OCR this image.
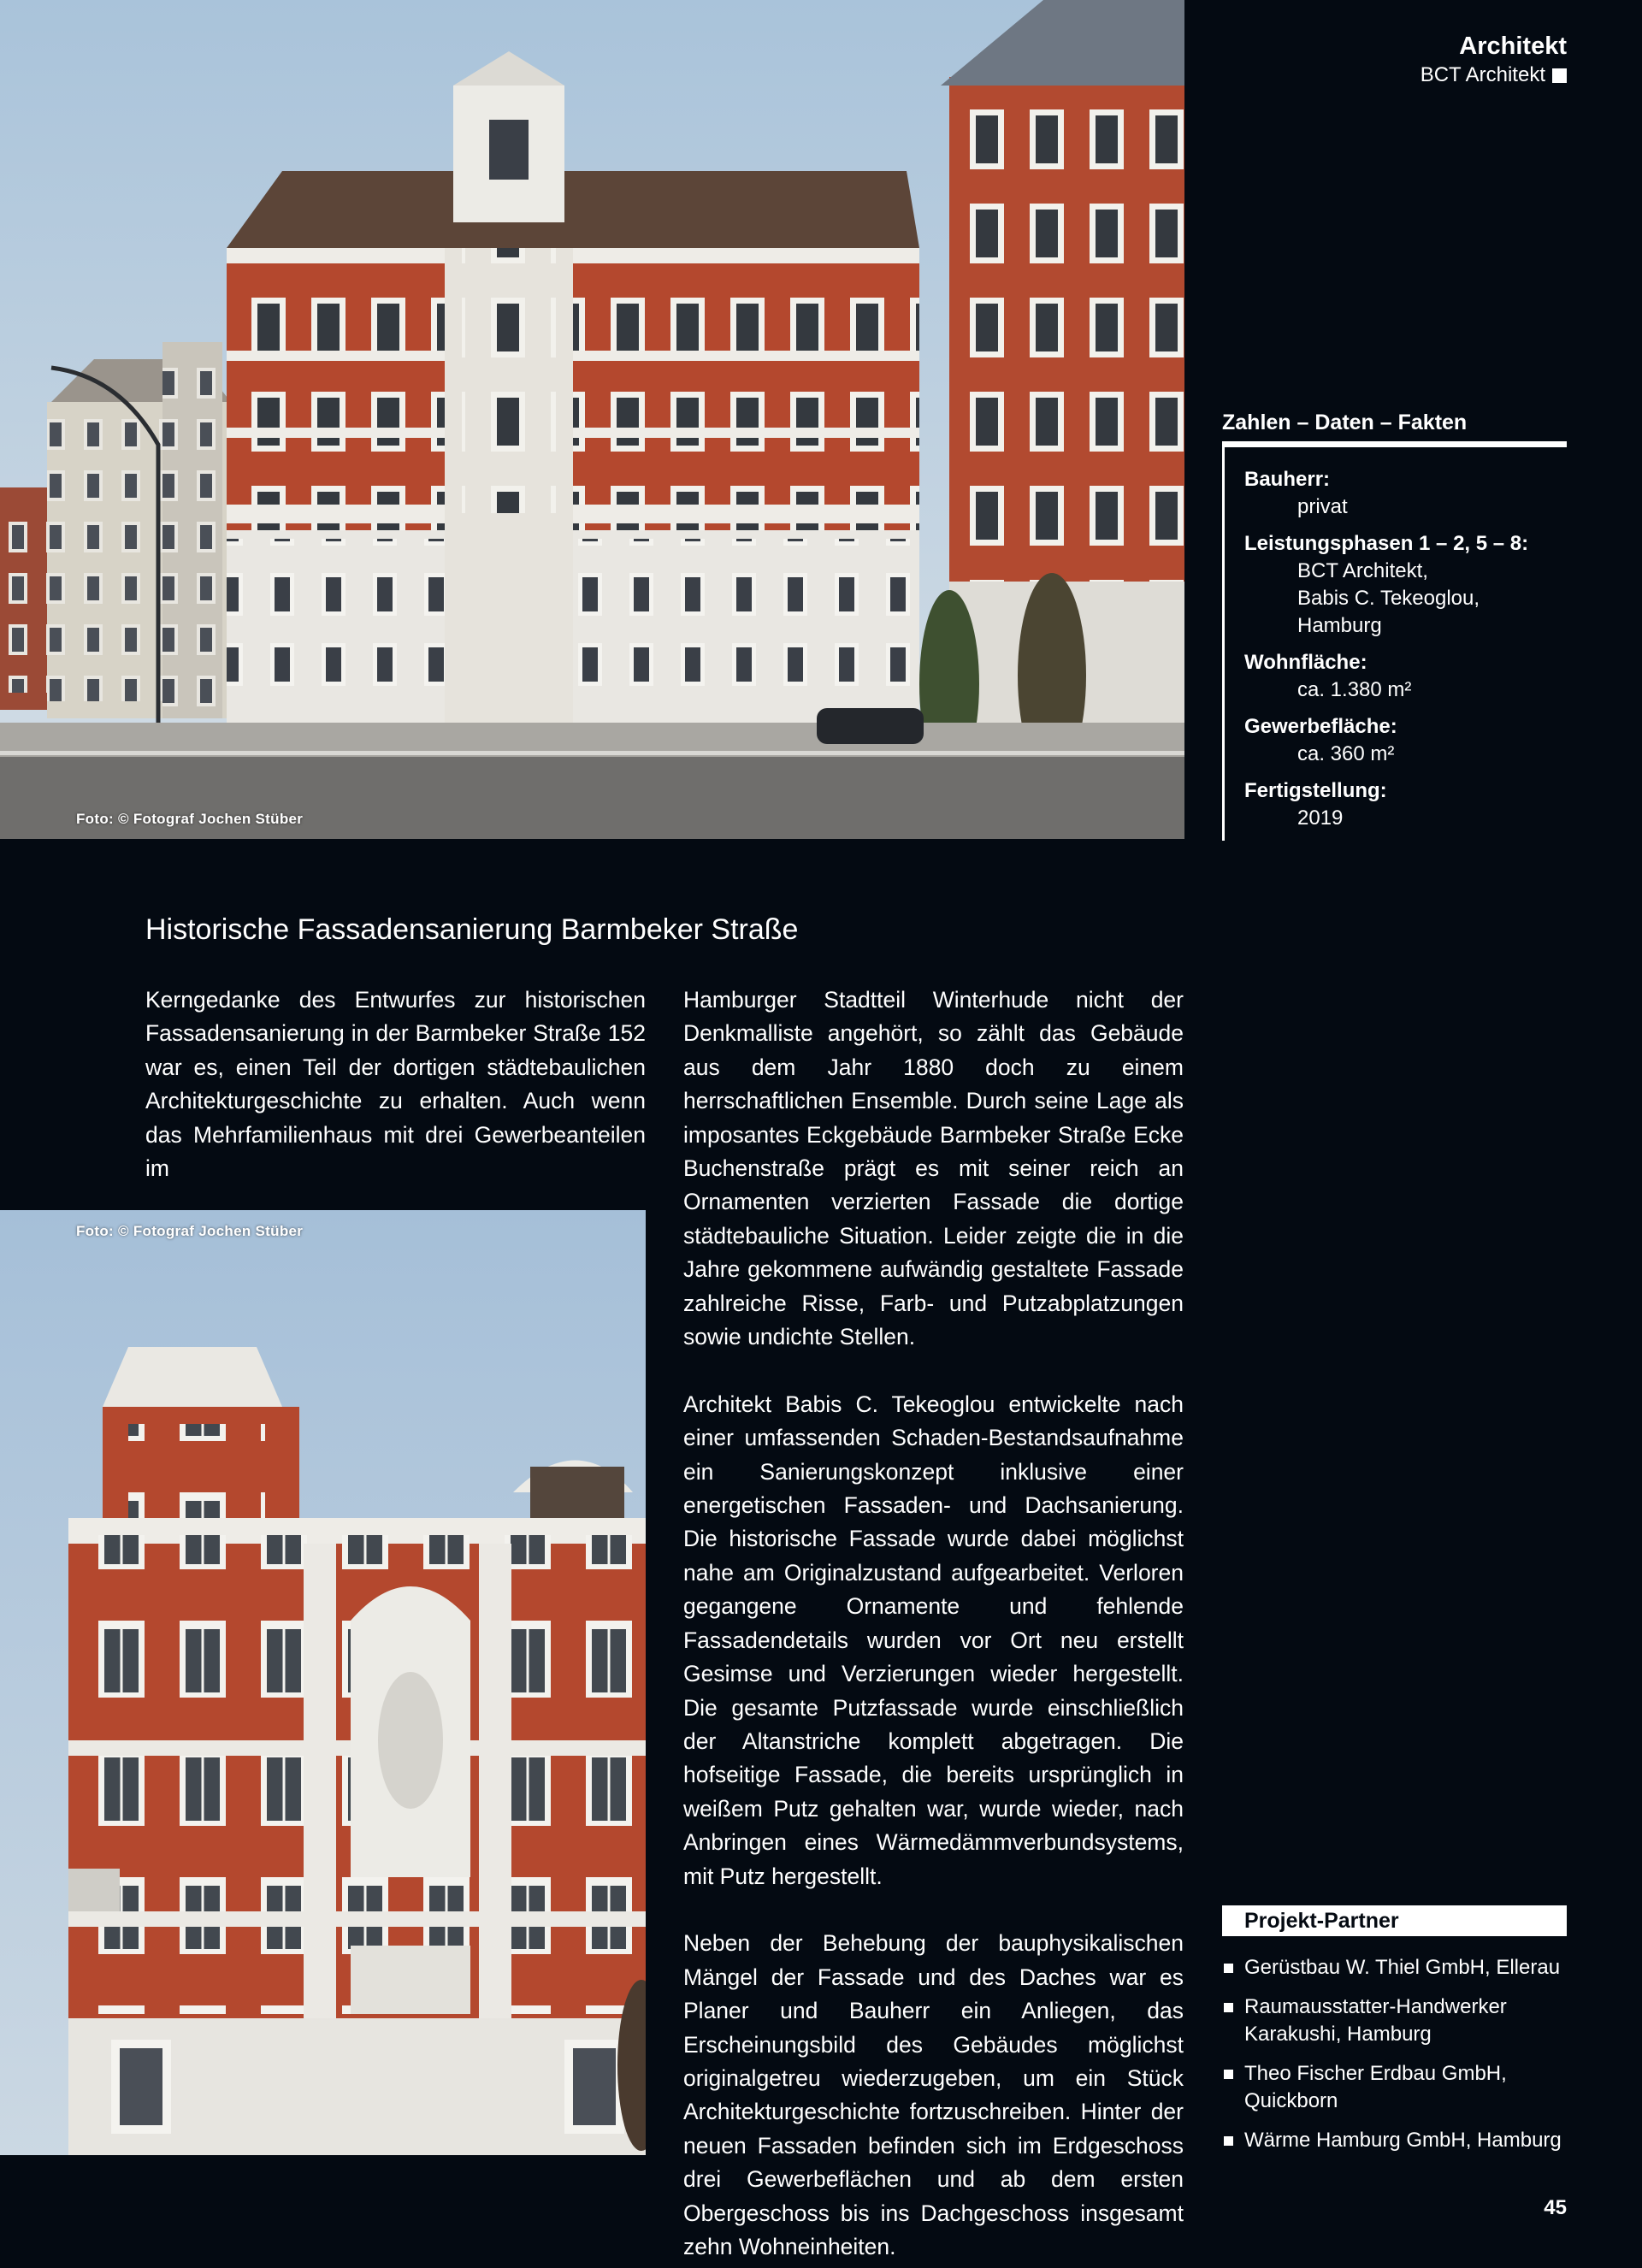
Foto: © Fotograf Jochen Stüber
Architekt
BCT Architekt
Zahlen – Daten – Fakten
Bauherr:
privat
Leistungsphasen 1 – 2, 5 – 8:
BCT Architekt,
Babis C. Tekeoglou,
Hamburg
Wohnfläche:
ca. 1.380 m²
Gewerbefläche:
ca. 360 m²
Fertigstellung:
2019
Historische Fassadensanierung Barmbeker Straße

Kerngedanke des Entwurfes zur historischen Fassadensanierung in der Barmbeker Straße 152 war es, einen Teil der dortigen städtebaulichen Architekturgeschichte zu erhalten. Auch wenn das Mehrfamilienhaus mit drei Gewerbeanteilen im

Hamburger Stadtteil Winterhude nicht der Denkmalliste angehört, so zählt das Gebäude aus dem Jahr 1880 doch zu einem herrschaftlichen Ensemble. Durch seine Lage als imposantes Eckgebäude Barmbeker Straße Ecke Buchenstraße prägt es mit seiner reich an Ornamenten verzierten Fassade die dortige städtebauliche Situation. Leider zeigte die in die Jahre gekommene aufwändig gestaltete Fassade zahlreiche Risse, Farb- und Putzabplatzungen sowie undichte Stellen.

Architekt Babis C. Tekeoglou entwickelte nach einer umfassenden Schaden-Bestandsaufnahme ein Sanierungskonzept inklusive einer energetischen Fassaden- und Dachsanierung. Die historische Fassade wurde dabei möglichst nahe am Originalzustand aufgearbeitet. Verloren gegangene Ornamente und fehlende Fassadendetails wurden vor Ort neu erstellt Gesimse und Verzierungen wieder hergestellt. Die gesamte Putzfassade wurde einschließlich der Altanstriche komplett abgetragen. Die hofseitige Fassade, die bereits ursprünglich in weißem Putz gehalten war, wurde wieder, nach Anbringen eines Wärmedämmverbundsystems, mit Putz hergestellt.

Neben der Behebung der bauphysikalischen Mängel der Fassade und des Daches war es Planer und Bauherr ein Anliegen, das Erscheinungsbild des Gebäudes möglichst originalgetreu wiederzugeben, um ein Stück Architekturgeschichte fortzuschreiben. Hinter der neuen Fassaden befinden sich im Erdgeschoss drei Gewerbeflächen und ab dem ersten Obergeschoss bis ins Dachgeschoss insgesamt zehn Wohneinheiten.

Foto: © Fotograf Jochen Stüber
Projekt-Partner
Gerüstbau W. Thiel GmbH, Ellerau
Raumausstatter-Handwerker Karakushi, Hamburg
Theo Fischer Erdbau GmbH, Quickborn
Wärme Hamburg GmbH, Hamburg
45
